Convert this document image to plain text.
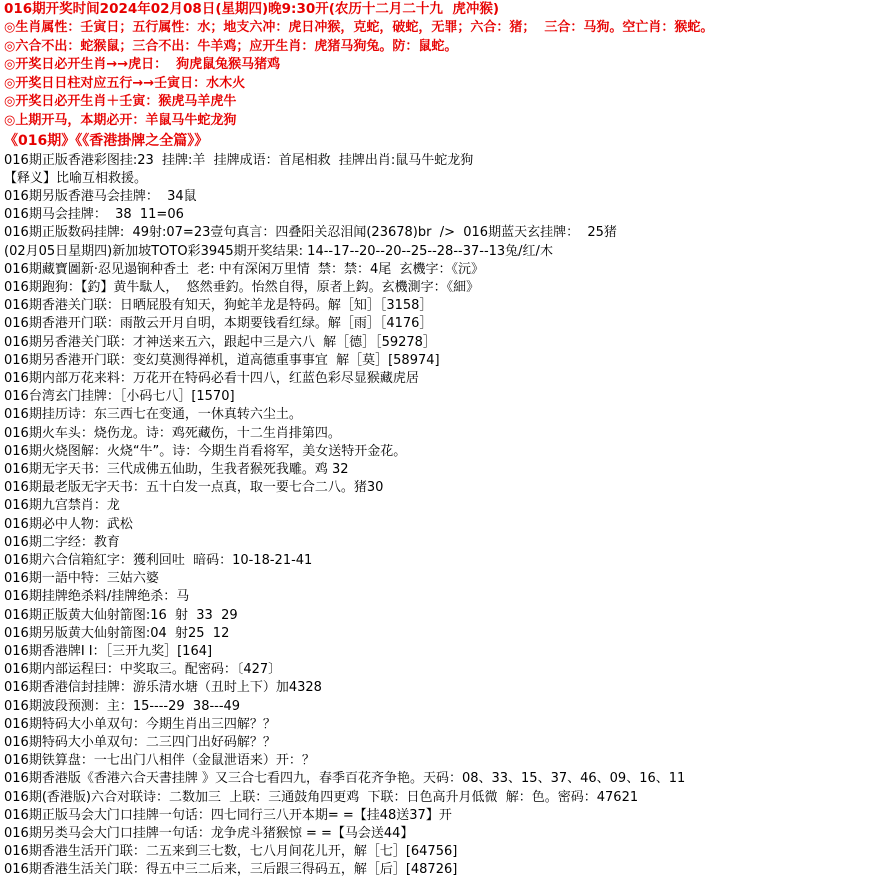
016期开奖时间2024年02月08日(星期四)晚9:30开(农历十二月二十九  虎冲猴)
◎生肖属性：壬寅日；五行属性：水；地支六冲：虎日冲猴，克蛇，破蛇，无罪；六合：猪；  三合：马狗。空亡肖：猴蛇。
◎六合不出：蛇猴鼠；三合不出：牛羊鸡；应开生肖：虎猪马狗兔。防：鼠蛇。
◎开奖日必开生肖→→虎日：  狗虎鼠兔猴马猪鸡
◎开奖日日柱对应五行→→壬寅日：水木火
◎开奖日必开生肖＋壬寅：猴虎马羊虎牛
◎上期开马，本期必开：羊鼠马牛蛇龙狗
《016期》《《香港掛牌之全篇》》
016期正版香港彩图挂:23  挂牌:羊  挂牌成语：首尾相救  挂牌出肖:鼠马牛蛇龙狗
【释义】比喻互相救援。
016期另版香港马会挂牌：  34鼠
016期马会挂牌：  38  11=06
016期正版数码挂牌:  49射:07=23壹句真言：四叠阳关忍泪闻(23678)br  />  016期蓝天玄挂牌：  25猪
(02月05日星期四)新加坡TOTO彩3945期开奖结果: 14--17--20--20--25--28--37--13兔/红/木
016期藏寶圖新·忍见遢锏种香土  老: 中有深闲万里情  禁：禁：4尾  玄機字：《沅》
016期跑狗：【釣】黄牛駄人，  悠然垂釣。怡然自得，原者上鈎。玄機測字：《細》
016期香港关门联：日晒屁股有知天，狗蛇羊龙是特码。解［知］［3158］
016期香港开门联：雨散云开月自明，本期要钱看红绿。解［雨］［4176］
016期另香港关门联：才神送来五六，跟起中三是六八  解［德］［59278］
016期另香港开门联：变幻莫测得禅机，道高德重事事宜  解［莫］[58974]
016期内部万花来料：万花开在特码必看十四八，红蓝色彩尽显猴藏虎居
016台湾玄门挂牌：［小码七八］[1570]
016期挂历诗：东三西七在变通，一休真转六尘土。
016期火车头：烧伤龙。诗：鸡死藏伤，十二生肖排第四。
016期火烧图解：火烧“牛”。诗：今期生肖看将军，美女送特开金花。
016期无字天书：三代成佛五仙助，生我者猴死我雕。鸡 32
016期最老版无字天书：五十白发一点真，取一要七合二八。猪30
016期九宫禁肖：龙
016期必中人物：武松
016期二字经：教育
016期六合信箱紅字：獲利回吐  暗码：10-18-21-41
016期一語中特：三姑六婆
016期挂牌绝杀料/挂牌绝杀：马
016期正版黄大仙射箭图:16  射  33  29
016期另版黄大仙射箭图:04  射25  12
016期香港牌I I：［三开九奖］[164]
016期内部运程曰：中奖取三。配密码：〔427〕
016期香港信封挂牌：游乐清水塘（丑时上下）加4328
016期波段预测：主：15----29  38---49
016期特码大小单双句：今期生肖出三四解？？
016期特码大小单双句：二三四门出好码解？？
016期铁算盘：一七出门八相伴（金鼠泄语来）开：？
016期香港版《香港六合天書挂牌 》又三合七看四九，春季百花齐争艳。天码：08、33、15、37、46、09、16、11
016期(香港版)六合对联诗：二数加三  上联：三通鼓角四更鸡  下联：日色高升月低微  解：色。密码：47621
016期正版马会大门口挂牌一句话：四七同行三八开本期= =【挂48送37】开
016期另类马会大门口挂牌一句话：龙争虎斗猪猴惊 = =【马会送44】
016期香港生活开门联：二五来到三七数，七八月间花儿开，解［七］[64756]
016期香港生活关门联：得五中三二后来，三后跟三得码五，解［后］[48726]
